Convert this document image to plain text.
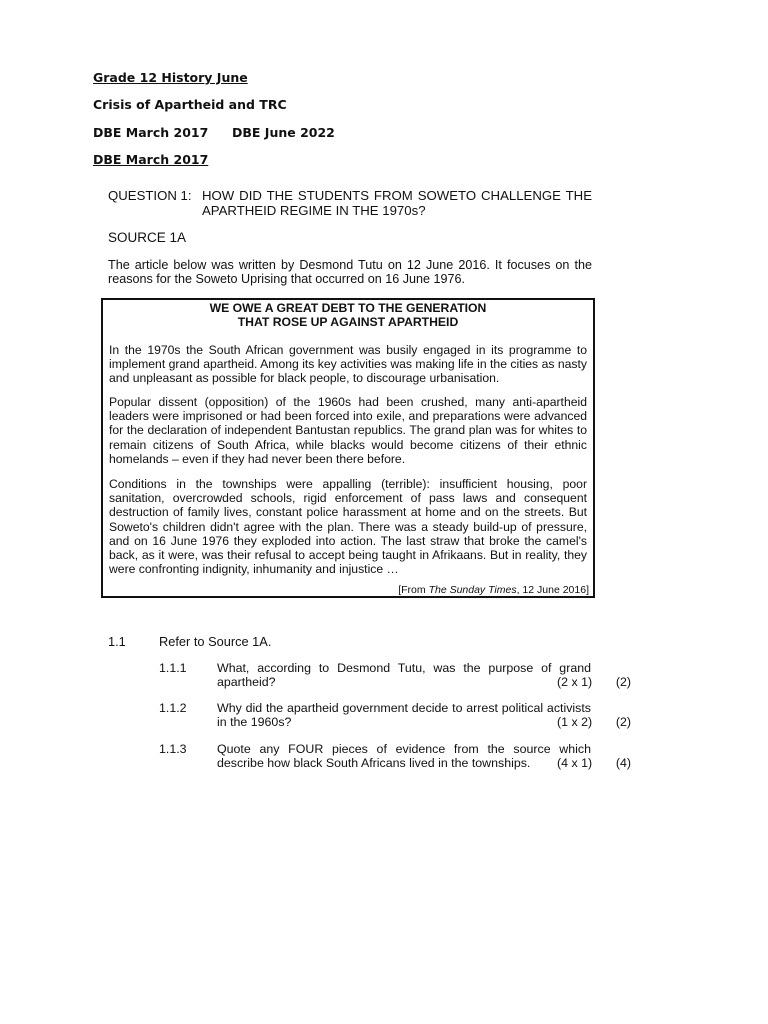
Grade 12 History June
Crisis of Apartheid and TRC
DBE March 2017 DBE June 2022
DBE March 2017
QUESTION 1: HOW DID THE STUDENTS FROM SOWETO CHALLENGE THE
APARTHEID REGIME IN THE 1970s?
SOURCE 1A
The article below was written by Desmond Tutu on 12 June 2016. It focuses on the reasons for the Soweto Uprising that occurred on 16 June 1976.
WE OWE A GREAT DEBT TO THE GENERATION
THAT ROSE UP AGAINST APARTHEID
In the 1970s the South African government was busily engaged in its programme to implement grand apartheid. Among its key activities was making life in the cities as nasty and unpleasant as possible for black people, to discourage urbanisation.
Popular dissent (opposition) of the 1960s had been crushed, many anti-apartheid leaders were imprisoned or had been forced into exile, and preparations were advanced for the declaration of independent Bantustan republics. The grand plan was for whites to remain citizens of South Africa, while blacks would become citizens of their ethnic homelands – even if they had never been there before.
Conditions in the townships were appalling (terrible): insufficient housing, poor sanitation, overcrowded schools, rigid enforcement of pass laws and consequent destruction of family lives, constant police harassment at home and on the streets. But Soweto's children didn't agree with the plan. There was a steady build-up of pressure, and on 16 June 1976 they exploded into action. The last straw that broke the camel's back, as it were, was their refusal to accept being taught in Afrikaans. But in reality, they were confronting indignity, inhumanity and injustice …
[From The Sunday Times, 12 June 2016]
1.1	Refer to Source 1A.
1.1.1 What, according to Desmond Tutu, was the purpose of grand apartheid?	(2 x 1) (2)
1.1.2 Why did the apartheid government decide to arrest political activists in the 1960s?	(1 x 2) (2)
1.1.3 Quote any FOUR pieces of evidence from the source which describe how black South Africans lived in the townships.	(4 x 1) (4)
